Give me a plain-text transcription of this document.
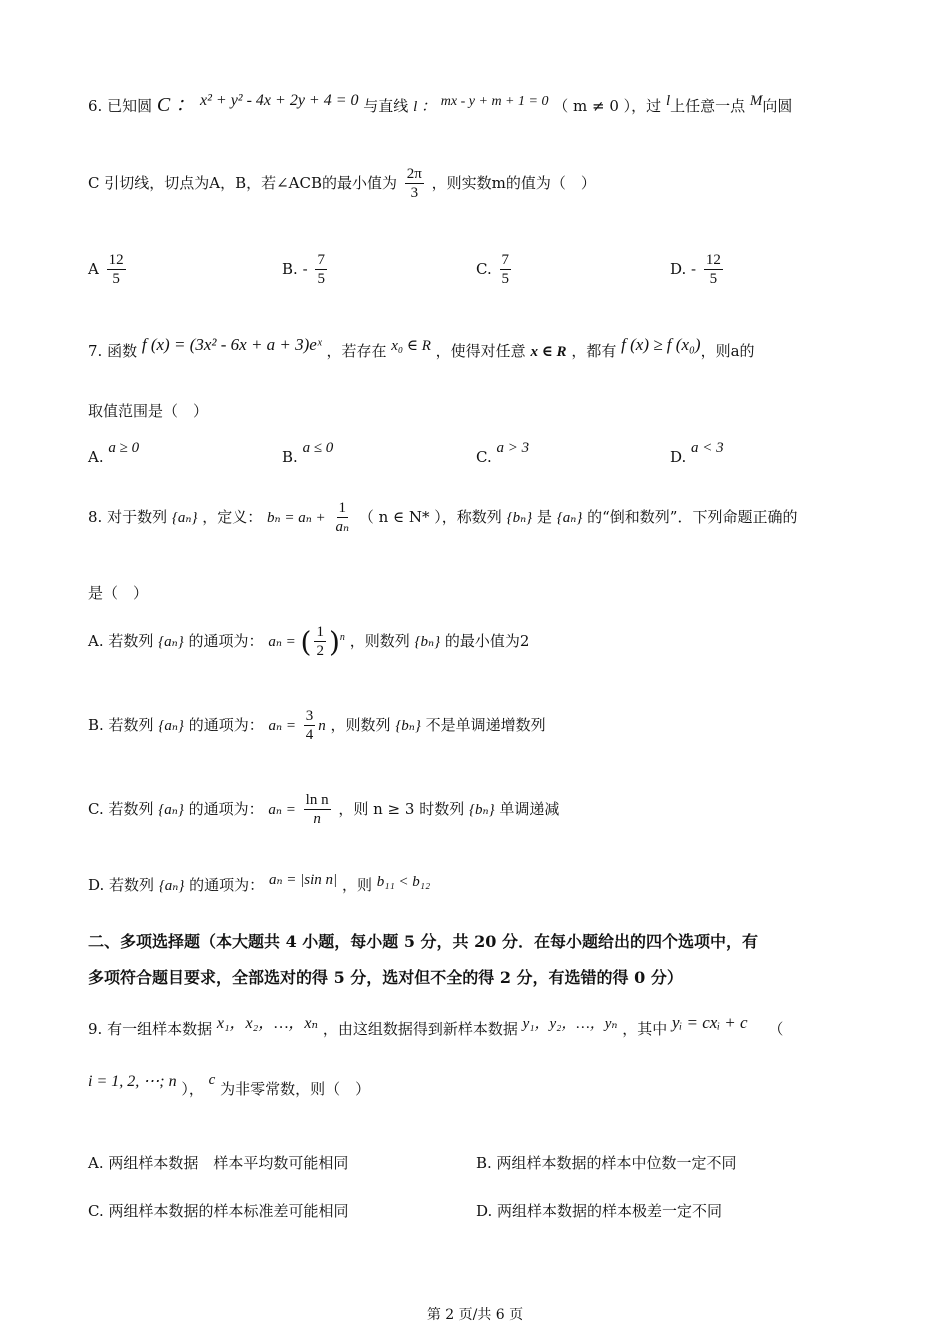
6. 已知圆 C ： x² + y² - 4x + 2y + 4 = 0 与直线 l ： mx - y + m + 1 = 0 （ m ≠ 0 ），过 l上任意一点 M向圆
C 引切线，切点为A，B，若∠ACB的最小值为 $\frac{2\pi}{3}$ ，则实数m的值为（　）
A $\frac{12}{5}$	B. - $\frac{7}{5}$	C. $\frac{7}{5}$	D. - $\frac{12}{5}$
7. 函数 f (x) = (3x² - 6x + a + 3)eˣ ，若存在 x₀ ∈ R ，使得对任意 x ∈ R ，都有 f (x) ≥ f (x₀)，则a的
取值范围是（　）
A. a ≥ 0	B. a ≤ 0	C. a > 3	D. a < 3
8. 对于数列 {aₙ} ，定义： $b_n = a_n + \frac{1}{\text{aₙ}}$ （ n ∈ N* ），称数列 {bₙ} 是 {aₙ} 的“倒和数列”．下列命题正确的
是（　）
A. 若数列 {aₙ} 的通项为： aₙ = ( $\frac{1}{2} )^n$ ，则数列 {bₙ} 的最小值为2
B. 若数列 {aₙ} 的通项为： $a_n = \frac{3}{4}$ n ，则数列 {bₙ} 不是单调递增数列
C. 若数列 {aₙ} 的通项为： $a_n = \frac{\text{ln n}}{n}$ ，则 n ≥ 3 时数列 {bₙ} 单调递减
D. 若数列 {aₙ} 的通项为： aₙ = |sin n| ，则 b₁₁ < b₁₂
二、多项选择题（本大题共 4 小题，每小题 5 分，共 20 分．在每小题给出的四个选项中，有
多项符合题目要求，全部选对的得 5 分，选对但不全的得 2 分，有选错的得 0 分）
9. 有一组样本数据 x₁，x₂，…，xₙ ，由这组数据得到新样本数据 y₁，y₂，…，yₙ ，其中 yᵢ = cxᵢ + c （
i = 1, 2, ⋯; n ）， c 为非零常数，则（　）
A. 两组样本数据　样本平均数可能相同	B. 两组样本数据的样本中位数一定不同
C. 两组样本数据的样本标准差可能相同	D. 两组样本数据的样本极差一定不同
第 2 页/共 6 页
